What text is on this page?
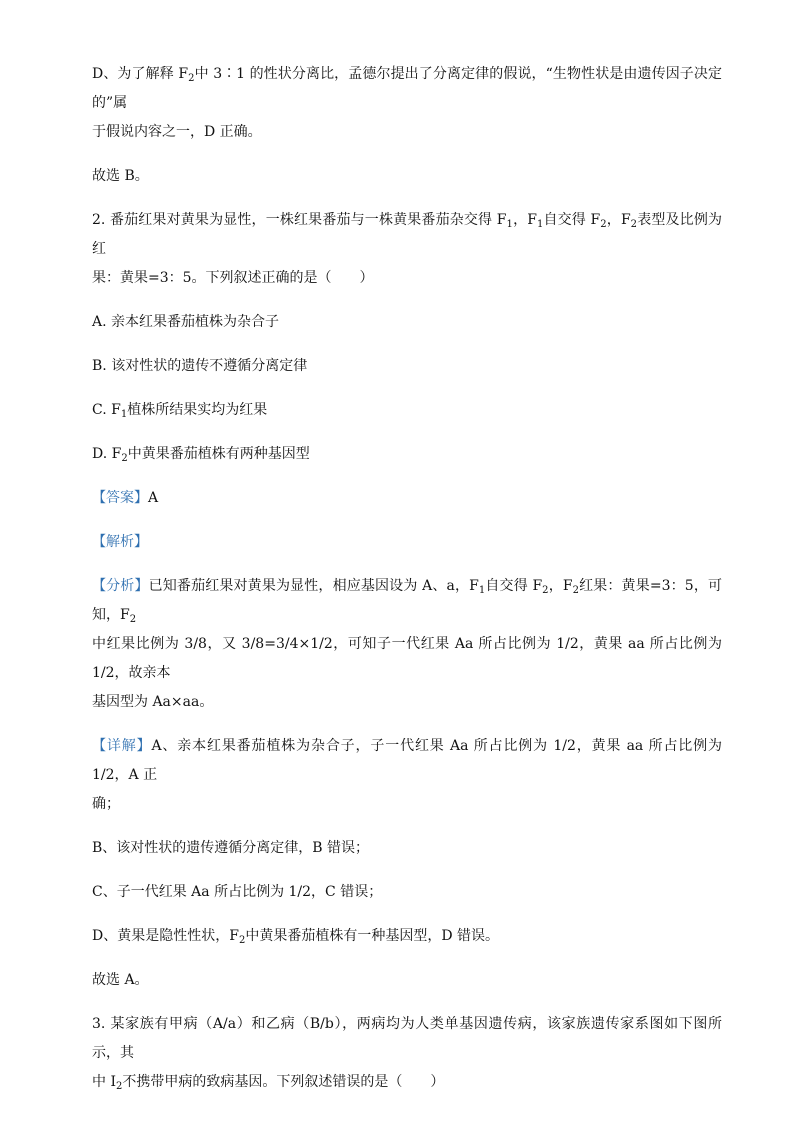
D、为了解释 $F_2$中 3∶1 的性状分离比，孟德尔提出了分离定律的假说，“生物性状是由遗传因子决定的”属
于假说内容之一，D 正确。
故选 B。
2. 番茄红果对黄果为显性，一株红果番茄与一株黄果番茄杂交得 $F_1$，$F_1$自交得 $F_2$，$F_2$表型及比例为红
果：黄果=3：5。下列叙述正确的是（　　）
A. 亲本红果番茄植株为杂合子
B. 该对性状的遗传不遵循分离定律
C. $F_1$植株所结果实均为红果
D. $F_2$中黄果番茄植株有两种基因型
【答案】A
【解析】
【分析】已知番茄红果对黄果为显性，相应基因设为 A、a，$F_1$自交得 $F_2$，$F_2$红果：黄果=3：5，可知，$F_2$
中红果比例为 3/8，又 3/8=3/4×1/2，可知子一代红果 Aa 所占比例为 1/2，黄果 aa 所占比例为 1/2，故亲本
基因型为 Aa×aa。
【详解】A、亲本红果番茄植株为杂合子，子一代红果 Aa 所占比例为 1/2，黄果 aa 所占比例为 1/2，A 正
确；
B、该对性状的遗传遵循分离定律，B 错误；
C、子一代红果 Aa 所占比例为 1/2，C 错误；
D、黄果是隐性性状，$F_2$中黄果番茄植株有一种基因型，D 错误。
故选 A。
3. 某家族有甲病（A/a）和乙病（B/b），两病均为人类单基因遗传病，该家族遗传家系图如下图所示，其
中 $I_2$不携带甲病的致病基因。下列叙述错误的是（　　）
